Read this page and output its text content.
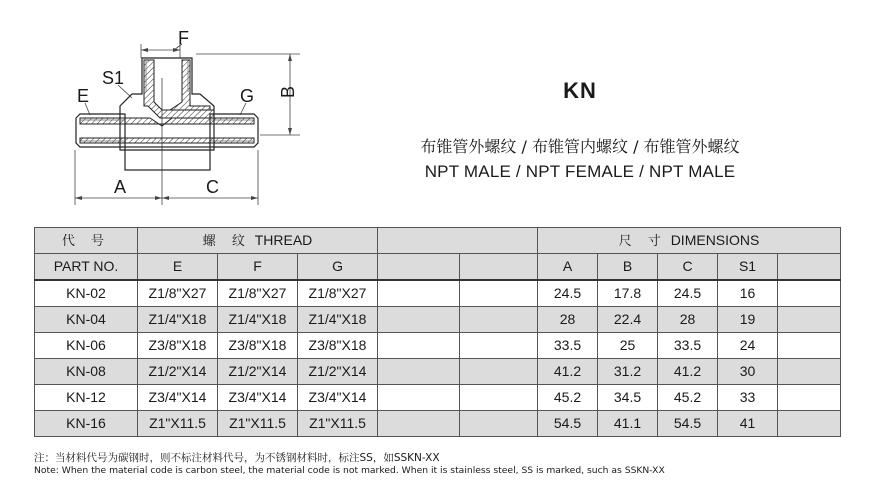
F
S1
E	G
A	C
B	KN
布锥管外螺纹 / 布锥管内螺纹 / 布锥管外螺纹
NPT MALE / NPT FEMALE / NPT MALE
代 号	螺 纹 THREAD					尺 寸 DIMENSIONS				
PART NO.	E	F	G			A	B	C	S1	
KN-02	Z1/8"X27	Z1/8"X27	Z1/8"X27			24.5	17.8	24.5	16	
KN-04	Z1/4"X18	Z1/4"X18	Z1/4"X18			28	22.4	28	19	
KN-06	Z3/8"X18	Z3/8"X18	Z3/8"X18			33.5	25	33.5	24	
KN-08	Z1/2"X14	Z1/2"X14	Z1/2"X14			41.2	31.2	41.2	30	
KN-12	Z3/4"X14	Z3/4"X14	Z3/4"X14			45.2	34.5	45.2	33	
KN-16	Z1"X11.5	Z1"X11.5	Z1"X11.5			54.5	41.1	54.5	41	
注：当材料代号为碳钢时，则不标注材料代号，为不锈钢材料时，标注SS，如SSKN-XX
Note: When the material code is carbon steel, the material code is not marked. When it is stainless steel, SS is marked, such as SSKN-XX
